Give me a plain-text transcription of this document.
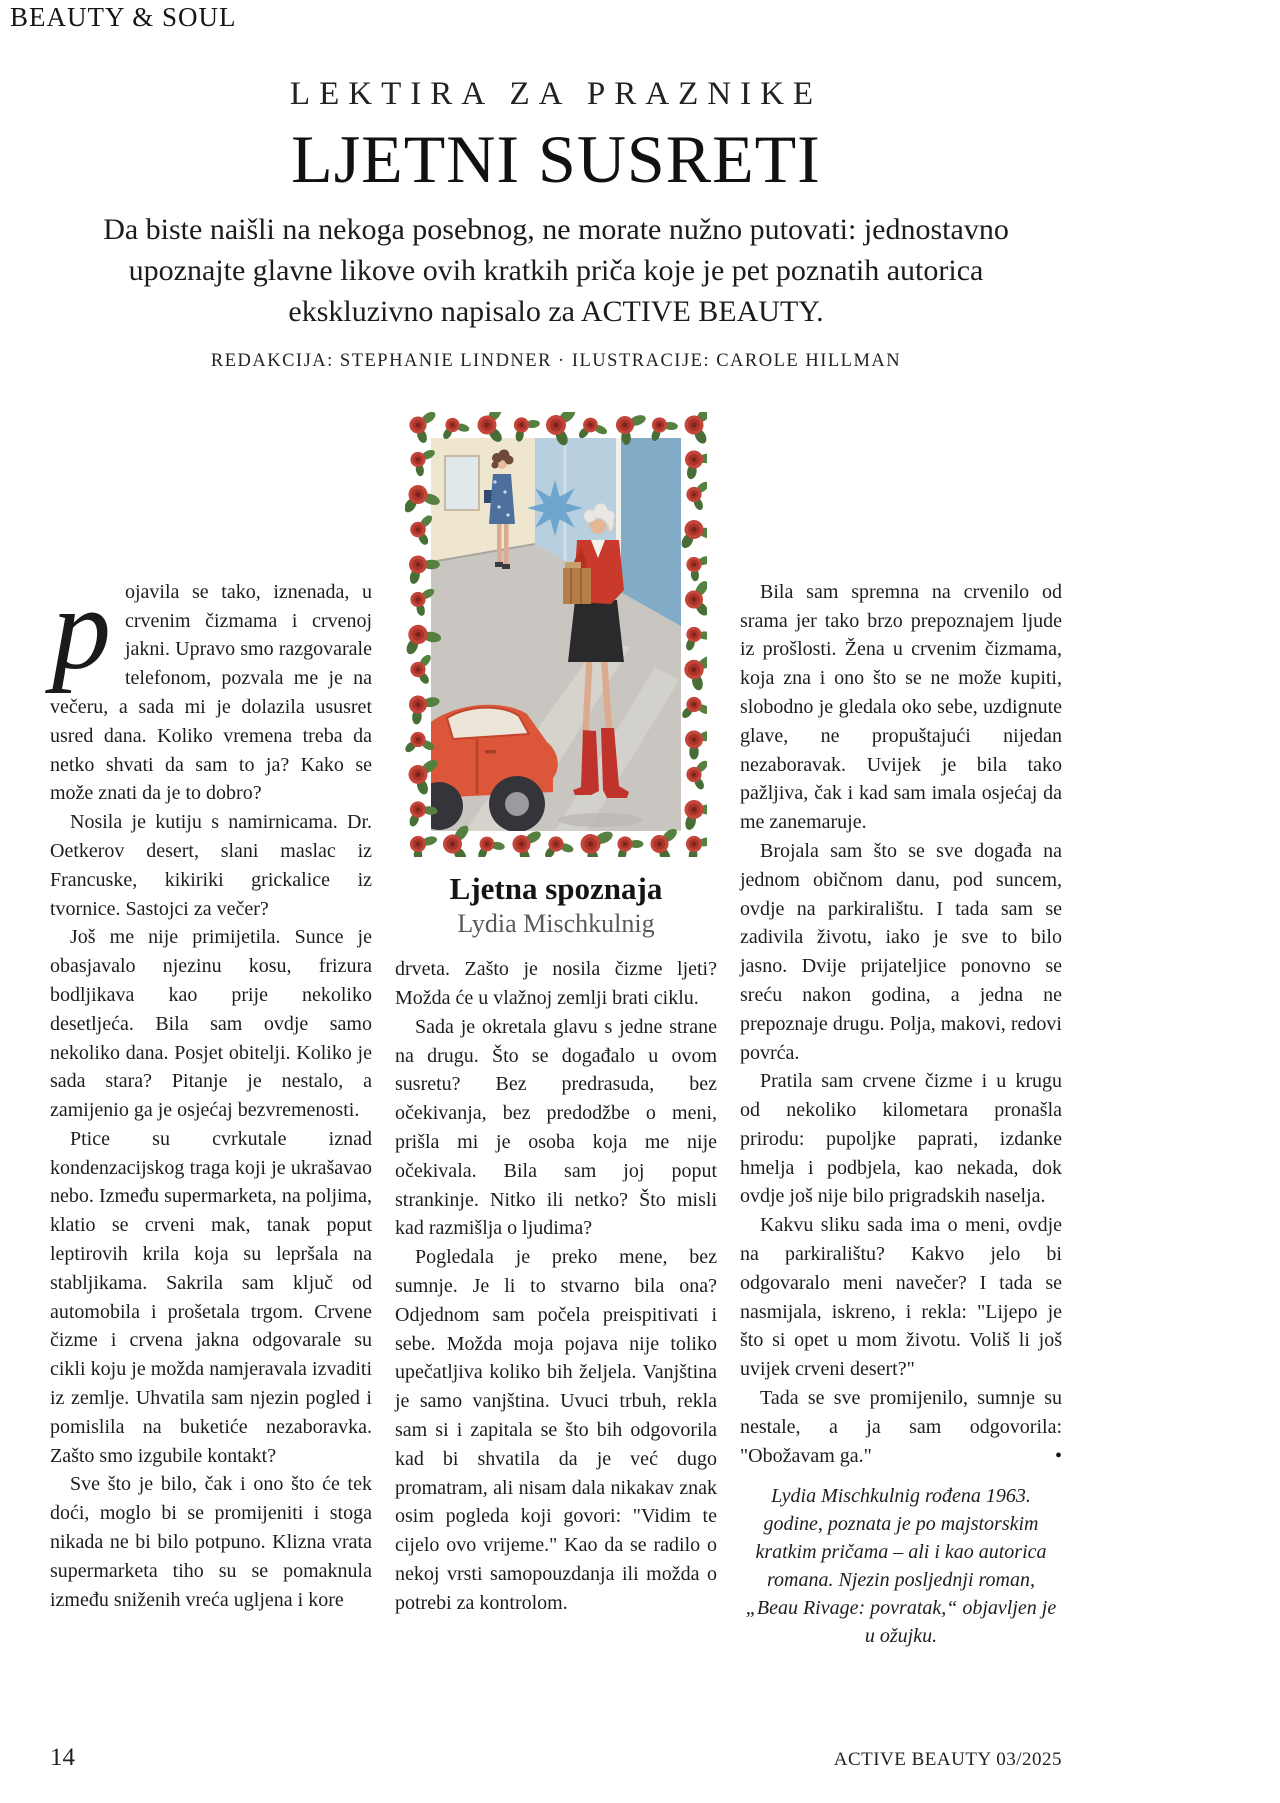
BEAUTY & SOUL
LEKTIRA ZA PRAZNIKE
LJETNI SUSRETI

Da biste naišli na nekoga posebnog, ne morate nužno putovati: jednostavno upoznajte glavne likove ovih kratkih priča koje je pet poznatih autorica ekskluzivno napisalo za ACTIVE BEAUTY.

REDAKCIJA: STEPHANIE LINDNER · ILUSTRACIJE: CAROLE HILLMAN

pojavila se tako, iznenada, u crvenim čizmama i crvenoj jakni. Upravo smo razgovarale telefonom, pozvala me je na večeru, a sada mi je dolazila ususret usred dana. Koliko vremena treba da netko shvati da sam to ja? Kako se može znati da je to dobro?

Nosila je kutiju s namirnicama. Dr. Oetkerov desert, slani maslac iz Francuske, kikiriki grickalice iz tvornice. Sastojci za večer?

Još me nije primijetila. Sunce je obasjavalo njezinu kosu, frizura bodljikava kao prije nekoliko desetljeća. Bila sam ovdje samo nekoliko dana. Posjet obitelji. Koliko je sada stara? Pitanje je nestalo, a zamijenio ga je osjećaj bezvremenosti.

Ptice su cvrkutale iznad kondenzacijskog traga koji je ukrašavao nebo. Između supermarketa, na poljima, klatio se crveni mak, tanak poput leptirovih krila koja su lepršala na stabljikama. Sakrila sam ključ od automobila i prošetala trgom. Crvene čizme i crvena jakna odgovarale su cikli koju je možda namjeravala izvaditi iz zemlje. Uhvatila sam njezin pogled i pomislila na buketiće nezaboravka. Zašto smo izgubile kontakt?

Sve što je bilo, čak i ono što će tek doći, moglo bi se promijeniti i stoga nikada ne bi bilo potpuno. Klizna vrata supermarketa tiho su se pomaknula između sniženih vreća ugljena i kore

Ljetna spoznaja
Lydia Mischkulnig

drveta. Zašto je nosila čizme ljeti? Možda će u vlažnoj zemlji brati ciklu.

Sada je okretala glavu s jedne strane na drugu. Što se događalo u ovom susretu? Bez predrasuda, bez očekivanja, bez predodžbe o meni, prišla mi je osoba koja me nije očekivala. Bila sam joj poput strankinje. Nitko ili netko? Što misli kad razmišlja o ljudima?

Pogledala je preko mene, bez sumnje. Je li to stvarno bila ona? Odjednom sam počela preispitivati i sebe. Možda moja pojava nije toliko upečatljiva koliko bih željela. Vanjština je samo vanjština. Uvuci trbuh, rekla sam si i zapitala se što bih odgovorila kad bi shvatila da je već dugo promatram, ali nisam dala nikakav znak osim pogleda koji govori: "Vidim te cijelo ovo vrijeme." Kao da se radilo o nekoj vrsti samopouzdanja ili možda o potrebi za kontrolom.

Bila sam spremna na crvenilo od srama jer tako brzo prepoznajem ljude iz prošlosti. Žena u crvenim čizmama, koja zna i ono što se ne može kupiti, slobodno je gledala oko sebe, uzdignute glave, ne propuštajući nijedan nezaboravak. Uvijek je bila tako pažljiva, čak i kad sam imala osjećaj da me zanemaruje.

Brojala sam što se sve događa na jednom običnom danu, pod suncem, ovdje na parkiralištu. I tada sam se zadivila životu, iako je sve to bilo jasno. Dvije prijateljice ponovno se sreću nakon godina, a jedna ne prepoznaje drugu. Polja, makovi, redovi povrća.

Pratila sam crvene čizme i u krugu od nekoliko kilometara pronašla prirodu: pupoljke paprati, izdanke hmelja i podbjela, kao nekada, dok ovdje još nije bilo prigradskih naselja.

Kakvu sliku sada ima o meni, ovdje na parkiralištu? Kakvo jelo bi odgovaralo meni navečer? I tada se nasmijala, iskreno, i rekla: "Lijepo je što si opet u mom životu. Voliš li još uvijek crveni desert?"

Tada se sve promijenilo, sumnje su nestale, a ja sam odgovorila: "Obožavam ga."	•

Lydia Mischkulnig rođena 1963. godine, poznata je po majstorskim kratkim pričama – ali i kao autorica romana. Njezin posljednji roman, „Beau Rivage: povratak,“ objavljen je u ožujku.

14	ACTIVE BEAUTY 03/2025
